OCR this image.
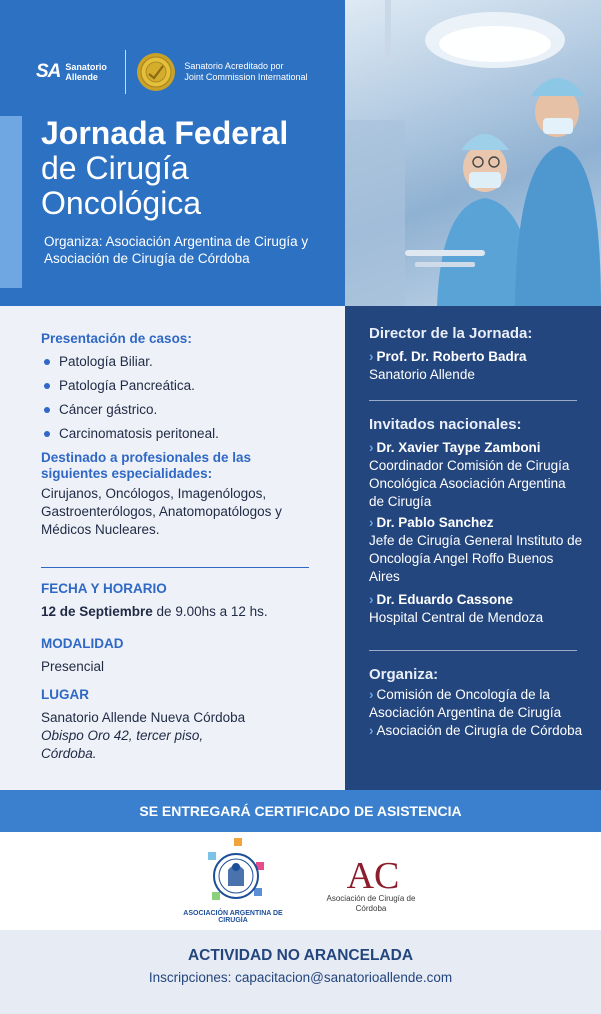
SA Sanatorio
Allende
Sanatorio Acreditado por
Joint Commission International
Jornada Federal
de Cirugía
Oncológica
Organiza: Asociación Argentina de Cirugía y Asociación de Cirugía de Córdoba
Presentación de casos:
Patología Biliar.
Patología Pancreática.
Cáncer gástrico.
Carcinomatosis peritoneal.
Destinado a profesionales de las siguientes especialidades:
Cirujanos, Oncólogos, Imagenólogos, Gastroenterólogos, Anatomopatólogos y Médicos Nucleares.
FECHA Y HORARIO
12 de Septiembre de 9.00hs a 12 hs.
MODALIDAD
Presencial
LUGAR
Sanatorio Allende Nueva Córdoba
Obispo Oro 42, tercer piso,
Córdoba.
Director de la Jornada:
› Prof. Dr. Roberto Badra
Sanatorio Allende
Invitados nacionales:
› Dr. Xavier Taype Zamboni
Coordinador Comisión de Cirugía Oncológica Asociación Argentina de Cirugía
› Dr. Pablo Sanchez
Jefe de Cirugía General Instituto de Oncología Angel Roffo Buenos Aires
› Dr. Eduardo Cassone
Hospital Central de Mendoza
Organiza:
› Comisión de Oncología de la Asociación Argentina de Cirugía
› Asociación de Cirugía de Córdoba
SE ENTREGARÁ CERTIFICADO DE ASISTENCIA
ASOCIACIÓN ARGENTINA DE CIRUGÍA
AC
Asociación de Cirugía de Córdoba
ACTIVIDAD NO ARANCELADA
Inscripciones: capacitacion@sanatorioallende.com
